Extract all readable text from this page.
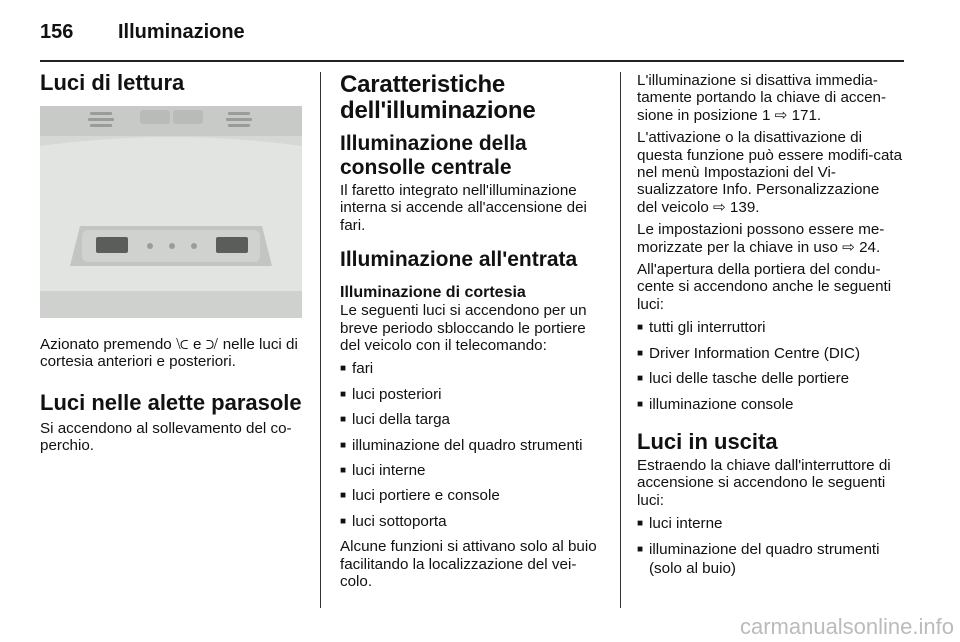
156 Illuminazione
Luci di lettura

Azionato premendo ⟈ e ⟉ nelle luci di cortesia anteriori e posteriori.

Luci nelle alette parasole

Si accendono al sollevamento del co-perchio.

Caratteristiche dell'illuminazione
Illuminazione della consolle centrale

Il faretto integrato nell'illuminazione interna si accende all'accensione dei fari.

Illuminazione all'entrata
Illuminazione di cortesia

Le seguenti luci si accendono per un breve periodo sbloccando le portiere del veicolo con il telecomando:

■ fari
■ luci posteriori
■ luci della targa
■ illuminazione del quadro strumenti
■ luci interne
■ luci portiere e console
■ luci sottoporta

Alcune funzioni si attivano solo al buio facilitando la localizzazione del vei-colo.

L'illuminazione si disattiva immedia-tamente portando la chiave di accen-sione in posizione 1 ⇨ 171.

L'attivazione o la disattivazione di questa funzione può essere modifi-cata nel menù Impostazioni del Vi-sualizzatore Info. Personalizzazione del veicolo ⇨ 139.

Le impostazioni possono essere me-morizzate per la chiave in uso ⇨ 24.

All'apertura della portiera del condu-cente si accendono anche le seguenti luci:

■ tutti gli interruttori
■ Driver Information Centre (DIC)
■ luci delle tasche delle portiere
■ illuminazione console
Luci in uscita

Estraendo la chiave dall'interruttore di accensione si accendono le seguenti luci:

■ luci interne
■ illuminazione del quadro strumenti (solo al buio)
carmanualsonline.info
